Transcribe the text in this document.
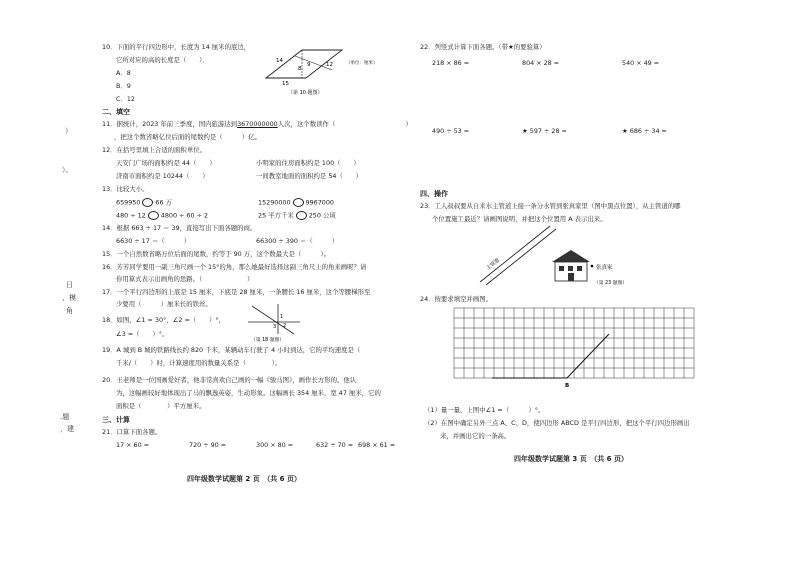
）
）。
日
、模
角
.题
，建
10．下面的平行四边形中，长度为 14 厘米的底边，
它所对应的高的长度是（　　）．
A．8
B．9
C．12
14
8
9	12
15
（单位：厘米）
（第 10 题图）
二、填空
11．据统计，2023 年前三季度，国内旅游达到3670000000人次，这个数读作（　　　　　　　　　　　）
，把这个数省略亿位后面的尾数约是（　　　）亿。
12．在括号里填上合适的面积单位。
天安门广场的面积约是 44（　　）	小明家的住房面积约是 100（　　）
济南市面积约是 10244（　　）	一间教室地面的面积约是 54（　　）
13．比较大小。
659950 66 万	15290000 9967000
480 ÷ 12 4800 ÷ 60 ÷ 2	25 平方千米 250 公顷
14．根据 663 ÷ 17 ＝ 39，直接写出下面各题的商。
6630 ÷ 17 ＝（　　　）	66300 ÷ 390 ＝（　　　）
15．一个自然数省略万位后面的尾数，约等于 90 万，这个数最大是（　　　）。
16．芳芳同学要用一副三角尺画一个 15°的角，那么她最好选择这副三角尺上的角来画呢？请
你用算式表示出画角的思路。（　　　　　　　）
17．一个平行四边形的上底是 15 厘米，下底是 28 厘米，一条腰长 16 厘米，这个等腰梯形至
少要用（　　　）厘米长的铁丝。
18．如图，∠1 = 30°，∠2 =（　　）°，
∠3 =（　　）°。
1
2
3
（第 18 题图）
19．A 城到 B 城的铁路线长约 820 千米，某辆动车行驶了 4 小时到达，它的平均速度是（
千米/（　　）时，计算速度用的数量关系是（　　　　）。
20．王老师是一位国画爱好者，他非常喜欢自己画的一幅《骏马图》，画作长方形的。他认
为，这幅画较好地体现出了马的飘逸英姿，生动形象。这幅画长 354 厘米，宽 47 厘米，它的
面积是（　　　　）平方厘米。
三、计算
21．口算下面各题。
17 × 60 =	720 ÷ 90 =	300 × 80 =	632 ÷ 70 ≈ 698 × 61 ≈
四年级数学试题第 2 页　（共 6 页）
22．列竖式计算下面各题。（带★的要验算）
218 × 86 =	804 × 28 =	540 × 49 =
490 ÷ 53 =	★ 597 ÷ 28 =	★ 686 ÷ 34 =
四、操作
23．工人叔叔要从自来水主管道上接一条分水管到张真家里（图中黑点位置），从主管道的哪
个位置施工最近？请画图说明，并把这个位置用 A 表示出来。
主管道	张真家
（第 23 题图）
24．按要求填空并画图。
B
（1）量一量，上图中∠1 =（　　　）°。
（2）在图中确定另外三点 A、C、D，使四边形 ABCD 是平行四边形，把这个平行四边形画出
来，并画出它的一条高。
四年级数学试题第 3 页　（共 6 页）
